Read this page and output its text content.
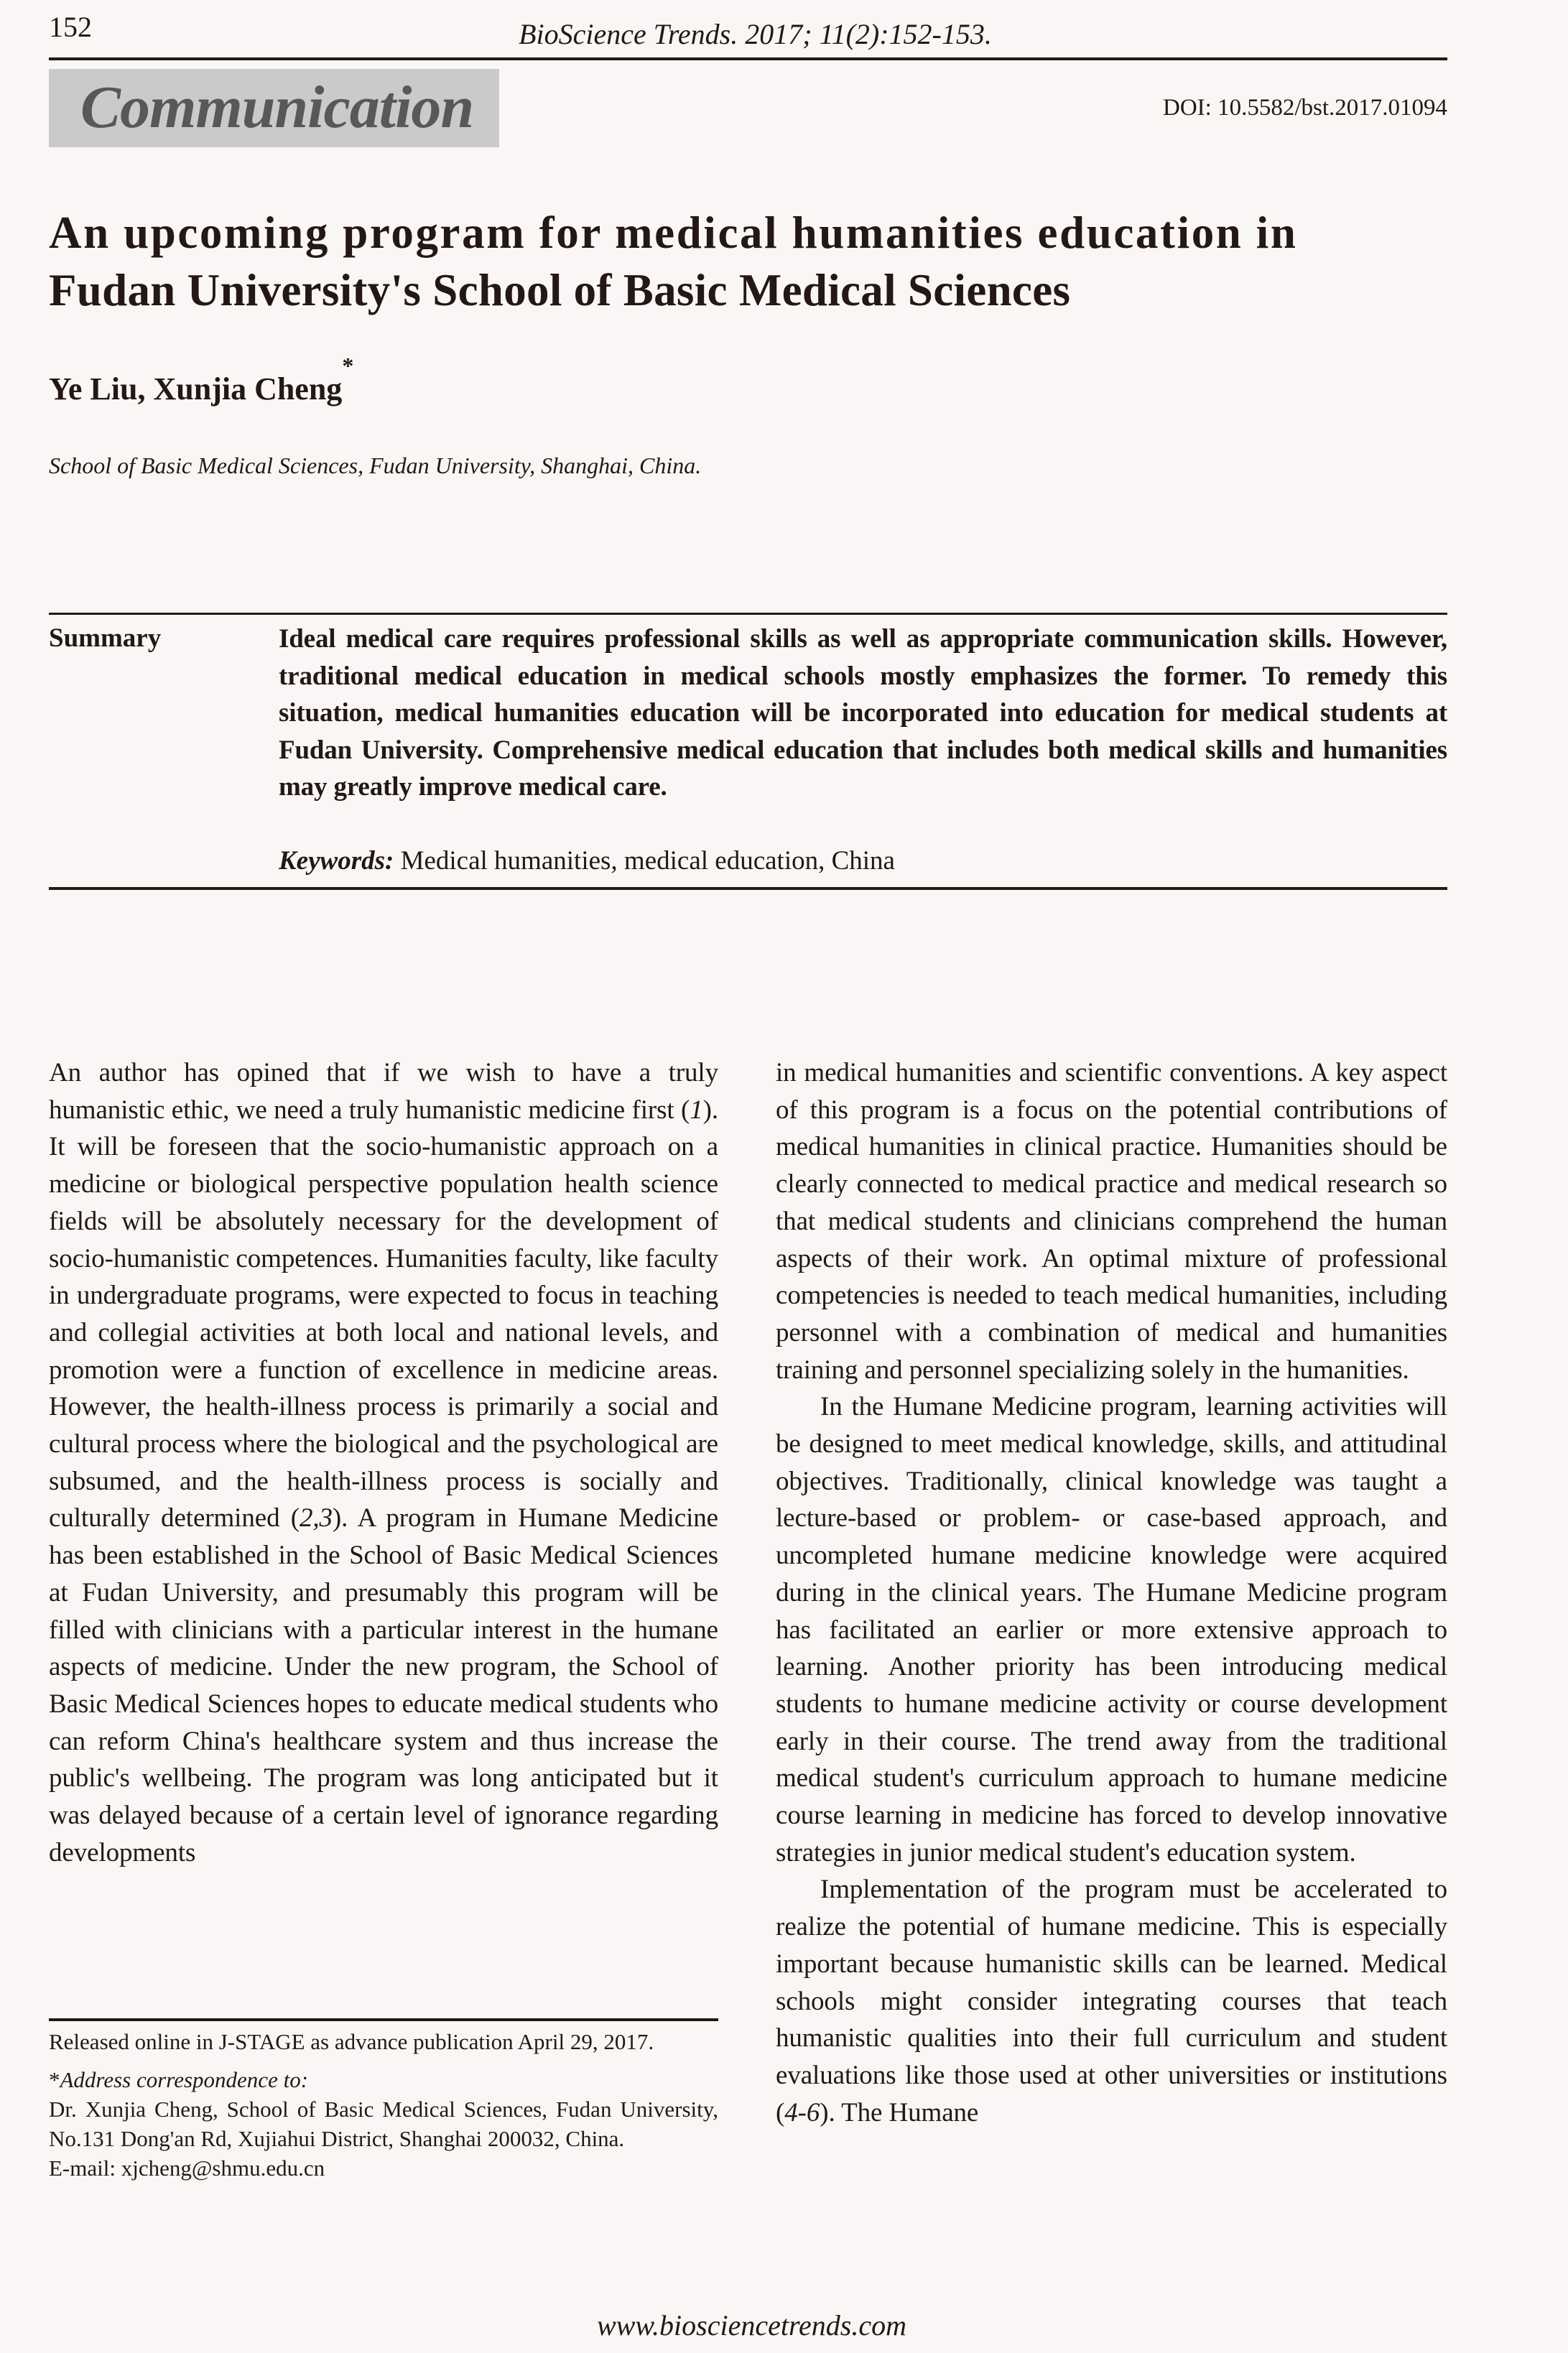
152	BioScience Trends. 2017; 11(2):152-153.
Communication	DOI: 10.5582/bst.2017.01094
An upcoming program for medical humanities education in
Fudan University's School of Basic Medical Sciences
Ye Liu, Xunjia Cheng*
School of Basic Medical Sciences, Fudan University, Shanghai, China.
Summary	Ideal medical care requires professional skills as well as appropriate communication skills. However, traditional medical education in medical schools mostly emphasizes the former. To remedy this situation, medical humanities education will be incorporated into education for medical students at Fudan University. Comprehensive medical education that includes both medical skills and humanities may greatly improve medical care.
Keywords: Medical humanities, medical education, China

An author has opined that if we wish to have a truly humanistic ethic, we need a truly humanistic medicine first (1). It will be foreseen that the socio-humanistic approach on a medicine or biological perspective population health science fields will be absolutely necessary for the development of socio-humanistic competences. Humanities faculty, like faculty in undergraduate programs, were expected to focus in teaching and collegial activities at both local and national levels, and promotion were a function of excellence in medicine areas. However, the health-illness process is primarily a social and cultural process where the biological and the psychological are subsumed, and the health-illness process is socially and culturally determined (2,3). A program in Humane Medicine has been established in the School of Basic Medical Sciences at Fudan University, and presumably this program will be filled with clinicians with a particular interest in the humane aspects of medicine. Under the new program, the School of Basic Medical Sciences hopes to educate medical students who can reform China's healthcare system and thus increase the public's wellbeing. The program was long anticipated but it was delayed because of a certain level of ignorance regarding developments

Released online in J-STAGE as advance publication April 29, 2017.

*Address correspondence to:

Dr. Xunjia Cheng, School of Basic Medical Sciences, Fudan University, No.131 Dong'an Rd, Xujiahui District, Shanghai 200032, China.

E-mail: xjcheng@shmu.edu.cn

in medical humanities and scientific conventions. A key aspect of this program is a focus on the potential contributions of medical humanities in clinical practice. Humanities should be clearly connected to medical practice and medical research so that medical students and clinicians comprehend the human aspects of their work. An optimal mixture of professional competencies is needed to teach medical humanities, including personnel with a combination of medical and humanities training and personnel specializing solely in the humanities.

In the Humane Medicine program, learning activities will be designed to meet medical knowledge, skills, and attitudinal objectives. Traditionally, clinical knowledge was taught a lecture-based or problem- or case-based approach, and uncompleted humane medicine knowledge were acquired during in the clinical years. The Humane Medicine program has facilitated an earlier or more extensive approach to learning. Another priority has been introducing medical students to humane medicine activity or course development early in their course. The trend away from the traditional medical student's curriculum approach to humane medicine course learning in medicine has forced to develop innovative strategies in junior medical student's education system.

Implementation of the program must be accelerated to realize the potential of humane medicine. This is especially important because humanistic skills can be learned. Medical schools might consider integrating courses that teach humanistic qualities into their full curriculum and student evaluations like those used at other universities or institutions (4-6). The Humane

www.biosciencetrends.com
